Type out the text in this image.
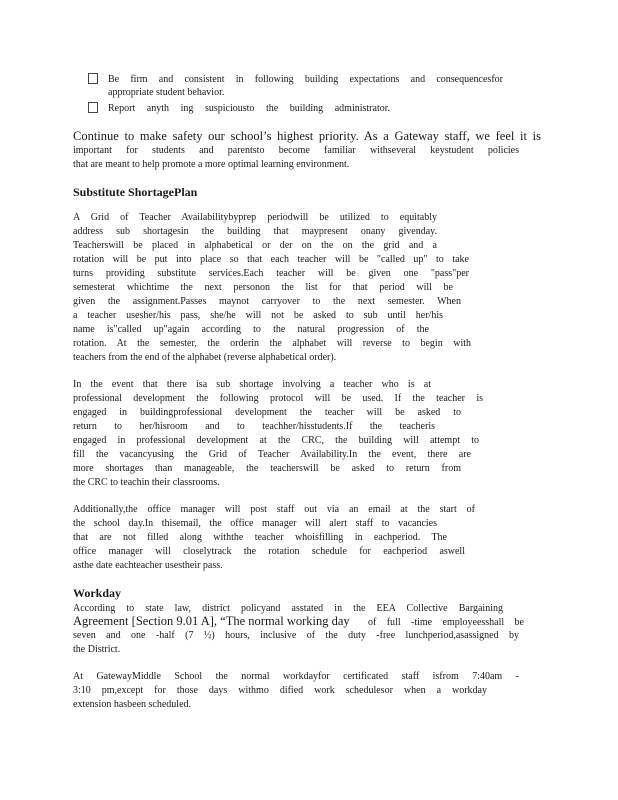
Be firm and consistent in following building expectations and consequencesfor
appropriate student behavior.
Report anyth ing suspiciousto the building administrator.
Continue to make safety our school’s highest priority. As a Gateway staff, we feel it is
important for students and parentsto become familiar withseveral keystudent policies
that are meant to help promote a more optimal learning environment.
Substitute ShortagePlan
A Grid of Teacher Availabilitybyprep periodwill be utilized to equitably
address sub shortagesin the building that maypresent onany givenday.
Teacherswill be placed in alphabetical or der on the on the grid and a
rotation will be put into place so that each teacher will be "called up" to take
turns providing substitute services.Each teacher will be given one "pass"per
semesterat whichtime the next personon the list for that period will be
given the assignment.Passes maynot carryover to the next semester. When
a teacher usesher/his pass, she/he will not be asked to sub until her/his
name is"called up"again according to the natural progression of the
rotation. At the semester, the orderin the alphabet will reverse to begin with
teachers from the end of the alphabet (reverse alphabetical order).
In the event that there isa sub shortage involving a teacher who is at
professional development the following protocol will be used. If the teacher is
engaged in buildingprofessional development the teacher will be asked to
return to her/hisroom and to teachher/hisstudents.If the teacheris
engaged in professional development at the CRC, the building will attempt to
fill the vacancyusing the Grid of Teacher Availability.In the event, there are
more shortages than manageable, the teacherswill be asked to return from
the CRC to teachin their classrooms.
Additionally,the office manager will post staff out via an email at the start of
the school day.In thisemail, the office manager will alert staff to vacancies
that are not filled along withthe teacher whoisfilling in eachperiod. The
office manager will closelytrack the rotation schedule for eachperiod aswell
asthe date eachteacher usestheir pass.
Workday
According to state law, district policyand asstated in the EEA Collective Bargaining
Agreement [Section 9.01 A], “The normal working day of full -time employeesshall be
seven and one -half (7 ½) hours, inclusive of the duty -free lunchperiod,asassigned by
the District.
At GatewayMiddle School the normal workdayfor certificated staff isfrom 7:40am -
3:10 pm,except for those days withmo dified work schedulesor when a workday
extension hasbeen scheduled.
